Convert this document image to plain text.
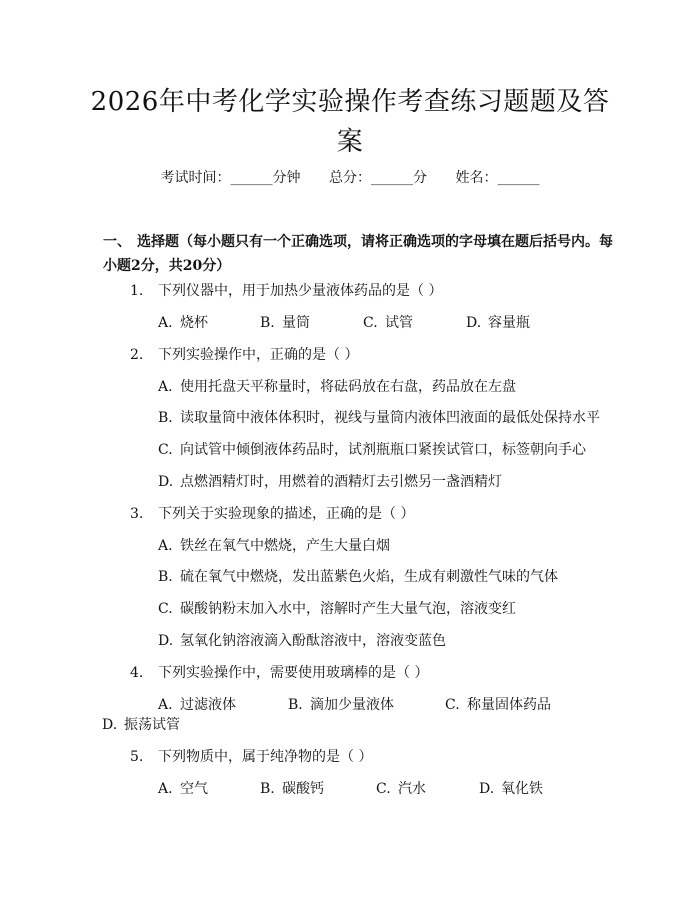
2026年中考化学实验操作考查练习题题及答
案
考试时间：______分钟 总分：______分 姓名：______
一、 选择题（每小题只有一个正确选项，请将正确选项的字母填在题后括号内。每小题2分，共20分）
1. 下列仪器中，用于加热少量液体药品的是（ ）
A. 烧杯	B. 量筒	C. 试管	D. 容量瓶
2. 下列实验操作中，正确的是（ ）
A. 使用托盘天平称量时，将砝码放在右盘，药品放在左盘
B. 读取量筒中液体体积时，视线与量筒内液体凹液面的最低处保持水平
C. 向试管中倾倒液体药品时，试剂瓶瓶口紧挨试管口，标签朝向手心
D. 点燃酒精灯时，用燃着的酒精灯去引燃另一盏酒精灯
3. 下列关于实验现象的描述，正确的是（ ）
A. 铁丝在氧气中燃烧，产生大量白烟
B. 硫在氧气中燃烧，发出蓝紫色火焰，生成有刺激性气味的气体
C. 碳酸钠粉末加入水中，溶解时产生大量气泡，溶液变红
D. 氢氧化钠溶液滴入酚酞溶液中，溶液变蓝色
4. 下列实验操作中，需要使用玻璃棒的是（ ）
A. 过滤液体	B. 滴加少量液体	C. 称量固体药品
D. 振荡试管
5. 下列物质中，属于纯净物的是（ ）
A. 空气	B. 碳酸钙	C. 汽水	D. 氧化铁
